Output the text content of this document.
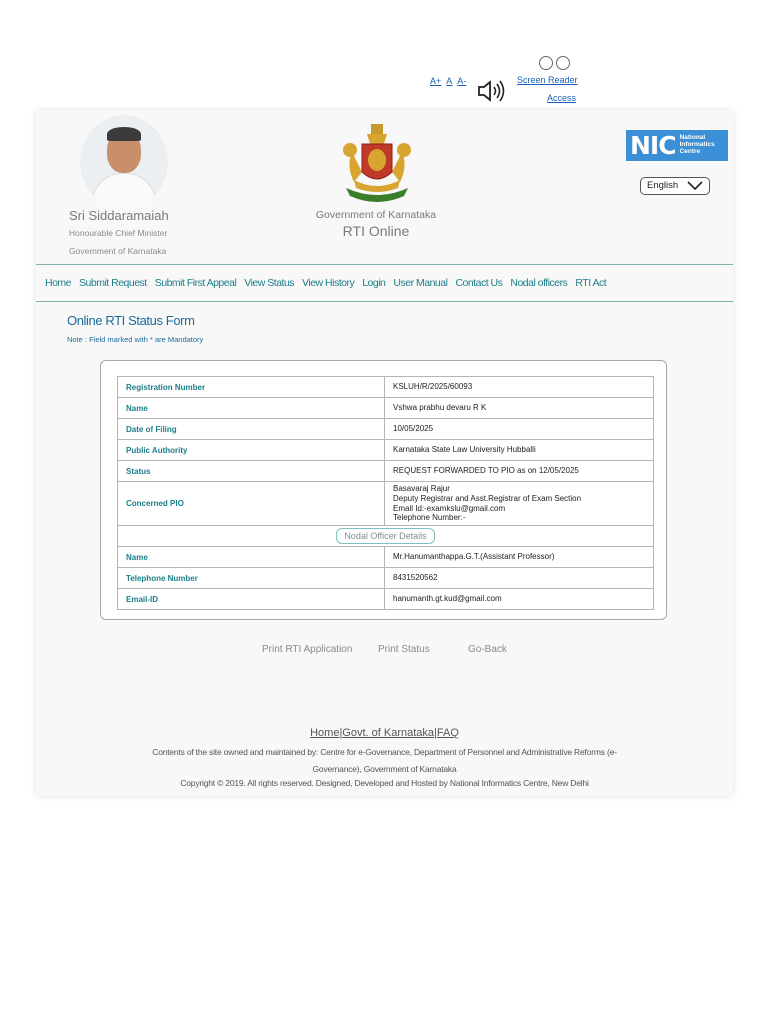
A+ A A-	Screen Reader
Access
Sri Siddaramaiah
Honourable Chief Minister
Government of Karnataka
Government of Karnataka
RTI Online
NIC National
Informatics
Centre
English
Home Submit Request Submit First Appeal View Status View History Login User Manual Contact Us Nodal officers RTI Act
Online RTI Status Form
Note : Field marked with * are Mandatory
Registration Number	KSLUH/R/2025/60093
Name	Vshwa prabhu devaru R K
Date of Filing	10/05/2025
Public Authority	Karnataka State Law University Hubballi
Status	REQUEST FORWARDED TO PIO as on 12/05/2025
Concerned PIO	Basavaraj Rajur
Deputy Registrar and Asst.Registrar of Exam Section
Email Id:-examkslu@gmail.com
Telephone Number:-

Nodal Officer Details	
Name	Mr.Hanumanthappa.G.T.(Assistant Professor)
Telephone Number	8431520562
Email-ID	hanumanth.gt.kud@gmail.com
Print RTI Application	Print Status	Go-Back
Home|Govt. of Karnataka|FAQ
Contents of the site owned and maintained by: Centre for e-Governance, Department of Personnel and Administrative Reforms (e-Governance), Government of Karnataka
Copyright © 2019. All rights reserved. Designed, Developed and Hosted by National Informatics Centre, New Delhi
